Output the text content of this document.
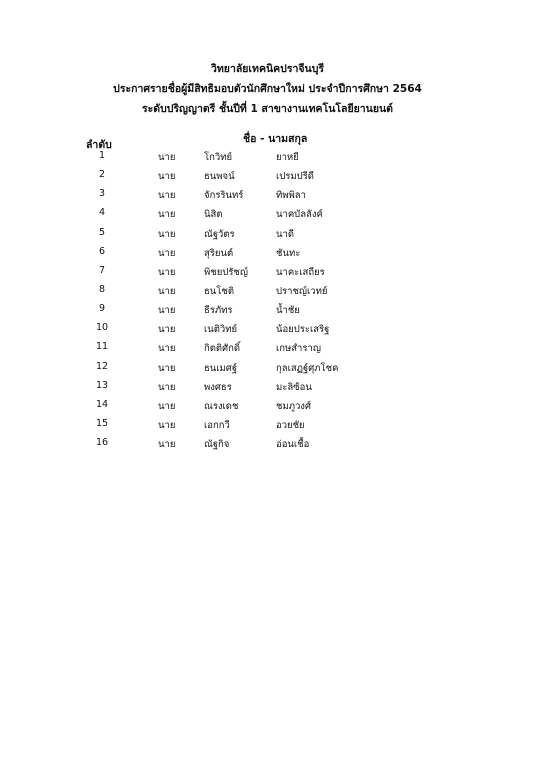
วิทยาลัยเทคนิคปราจีนบุรี
ประกาศรายชื่อผู้มีสิทธิมอบตัวนักศึกษาใหม่ ประจำปีการศึกษา 2564
ระดับปริญญาตรี ชั้นปีที่ 1 สาขางานเทคโนโลยียานยนต์
ลำดับ	ชื่อ - นามสกุล
1	นาย	โกวิทย์	ยาหยี
2	นาย	ธนพจน์	เปรมปรีดี
3	นาย	จักรรินทร์	ทิพพิลา
4	นาย	นิสิต	นาคบัลลังค์
5	นาย	ณัฐวัตร	นาดี
6	นาย	สุริยนต์	ชันทะ
7	นาย	พิชยปรัชญ์	นาคะเสถียร
8	นาย	ธนโชติ	ปราชญ์เวทย์
9	นาย	ธีรภัทร	น้ำชัย
10	นาย	เนติวิทย์	น้อยประเสริฐ
11	นาย	กิตติศักดิ์	เกษสำราญ
12	นาย	ธนเมศฐ์	กุลเสฏฐ์ศุภโชค
13	นาย	พงศธร	มะลิซ้อน
14	นาย	ณรงเดช	ชมภูวงศ์
15	นาย	เอกกวี	อวยชัย
16	นาย	ณัฐกิจ	อ่อนเชื้อ
